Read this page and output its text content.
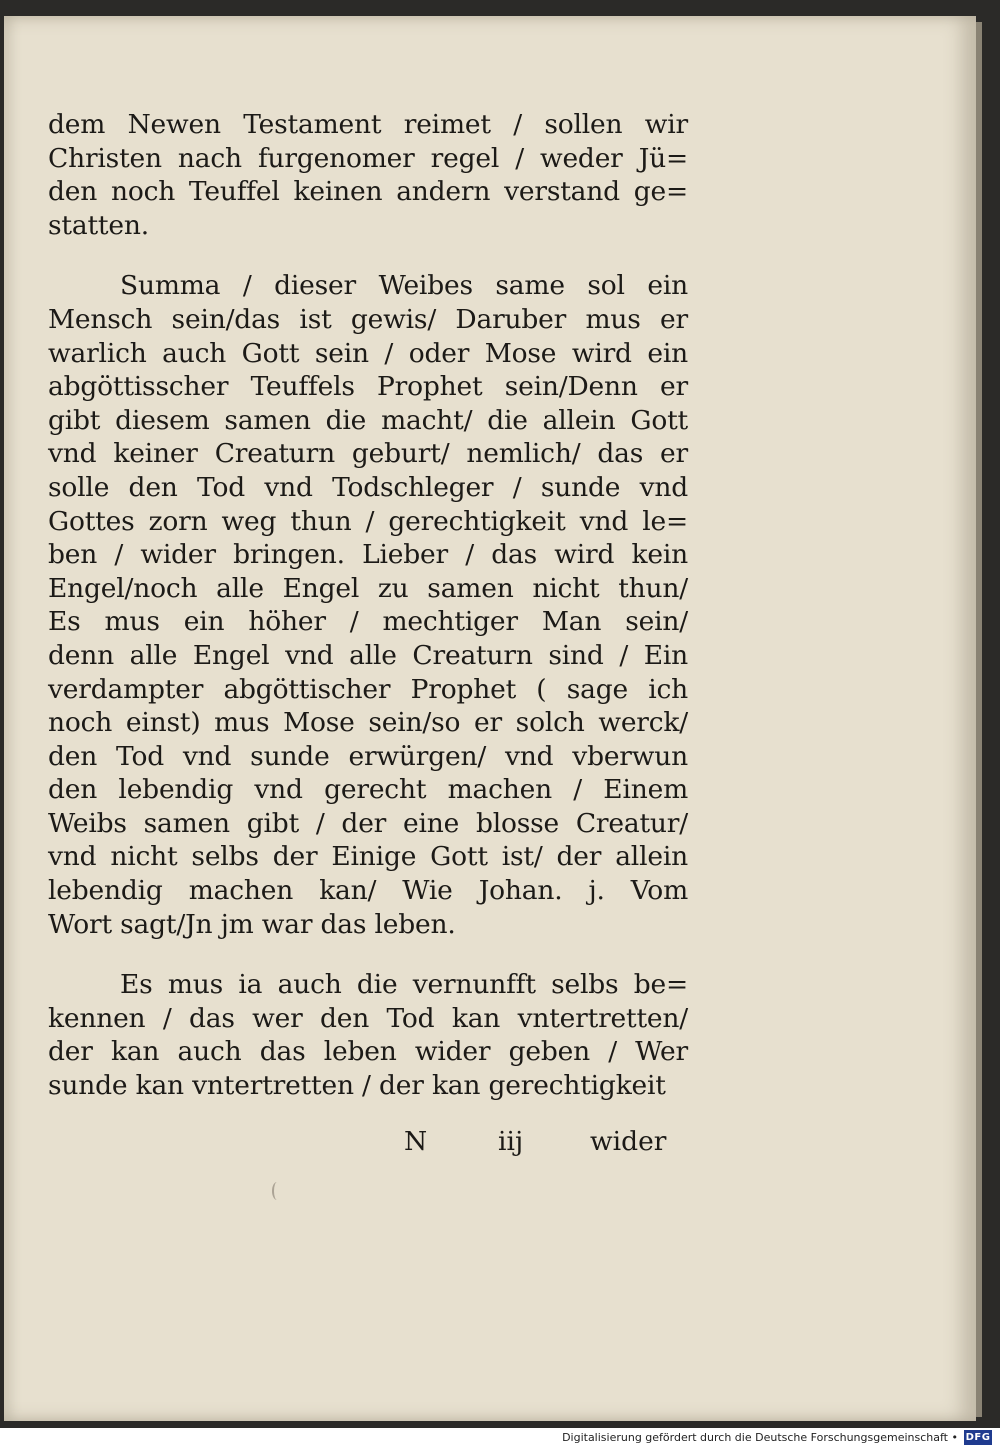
dem Newen Testament reimet / sollen wir
Christen nach furgenomer regel / weder Jü=
den noch Teuffel keinen andern verstand ge=
statten.
Summa / dieser Weibes same sol ein
Mensch sein/das ist gewis/ Daruber mus er
warlich auch Gott sein / oder Mose wird ein
abgöttisscher Teuffels Prophet sein/Denn er
gibt diesem samen die macht/ die allein Gott
vnd keiner Creaturn geburt/ nemlich/ das er
solle den Tod vnd Todschleger / sunde vnd
Gottes zorn weg thun / gerechtigkeit vnd le=
ben / wider bringen. Lieber / das wird kein
Engel/noch alle Engel zu samen nicht thun/
Es mus ein höher / mechtiger Man sein/
denn alle Engel vnd alle Creaturn sind / Ein
verdampter abgöttischer Prophet ( sage ich
noch einst) mus Mose sein/so er solch werck/
den Tod vnd sunde erwürgen/ vnd vberwun
den lebendig vnd gerecht machen / Einem
Weibs samen gibt / der eine blosse Creatur/
vnd nicht selbs der Einige Gott ist/ der allein
lebendig machen kan/ Wie Johan. j. Vom
Wort sagt/Jn jm war das leben.
Es mus ia auch die vernunfft selbs be=
kennen / das wer den Tod kan vntertretten/
der kan auch das leben wider geben / Wer
sunde kan vntertretten / der kan gerechtigkeit
N	iij	wider
Digitalisierung gefördert durch die Deutsche Forschungsgemeinschaft • DFG
